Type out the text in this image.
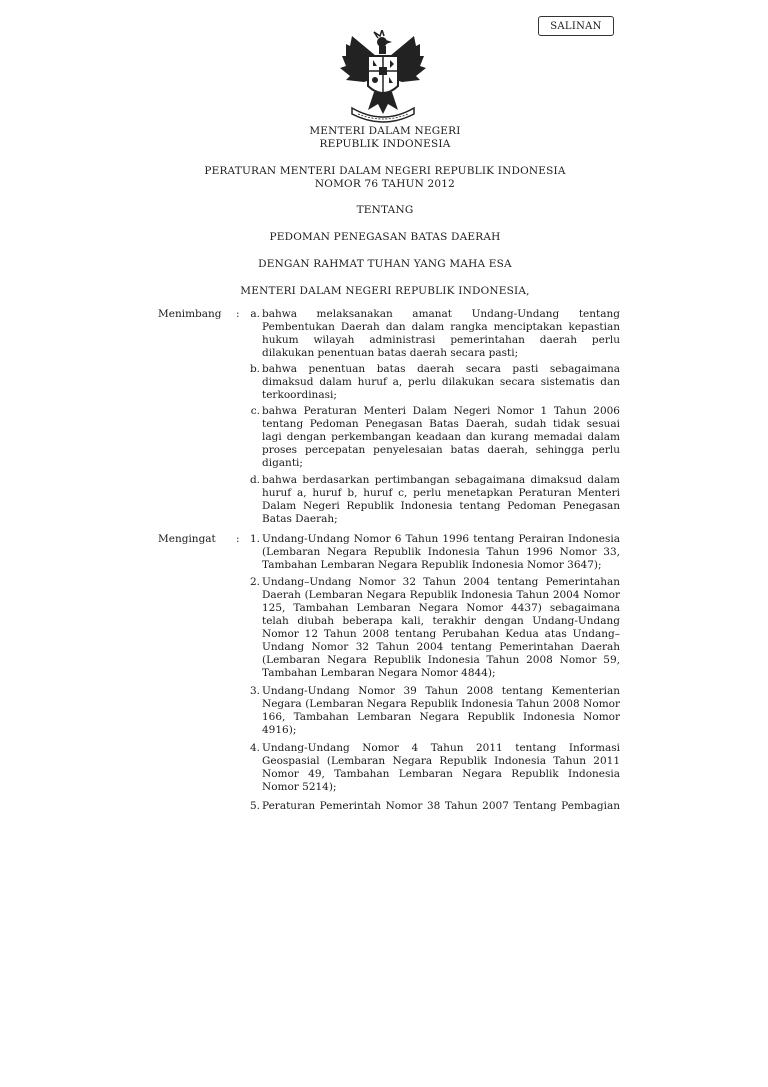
SALINAN
MENTERI DALAM NEGERI
REPUBLIK INDONESIA
PERATURAN MENTERI DALAM NEGERI REPUBLIK INDONESIA
NOMOR 76 TAHUN 2012
TENTANG
PEDOMAN PENEGASAN BATAS DAERAH
DENGAN RAHMAT TUHAN YANG MAHA ESA
MENTERI DALAM NEGERI REPUBLIK INDONESIA,
Menimbang :	a. bahwa melaksanakan amanat Undang-Undang tentang
Pembentukan Daerah dan dalam rangka menciptakan kepastian
hukum wilayah administrasi pemerintahan daerah perlu
dilakukan penentuan batas daerah secara pasti;
b. bahwa penentuan batas daerah secara pasti sebagaimana
dimaksud dalam huruf a, perlu dilakukan secara sistematis dan
terkoordinasi;
c. bahwa Peraturan Menteri Dalam Negeri Nomor 1 Tahun 2006
tentang Pedoman Penegasan Batas Daerah, sudah tidak sesuai
lagi dengan perkembangan keadaan dan kurang memadai dalam
proses percepatan penyelesaian batas daerah, sehingga perlu
diganti;
d. bahwa berdasarkan pertimbangan sebagaimana dimaksud dalam
huruf a, huruf b, huruf c, perlu menetapkan Peraturan Menteri
Dalam Negeri Republik Indonesia tentang Pedoman Penegasan
Batas Daerah;
Mengingat : 1. Undang-Undang Nomor 6 Tahun 1996 tentang Perairan Indonesia
(Lembaran Negara Republik Indonesia Tahun 1996 Nomor 33,
Tambahan Lembaran Negara Republik Indonesia Nomor 3647);
2. Undang–Undang Nomor 32 Tahun 2004 tentang Pemerintahan
Daerah (Lembaran Negara Republik Indonesia Tahun 2004 Nomor
125, Tambahan Lembaran Negara Nomor 4437) sebagaimana
telah diubah beberapa kali, terakhir dengan Undang-Undang
Nomor 12 Tahun 2008 tentang Perubahan Kedua atas Undang–
Undang Nomor 32 Tahun 2004 tentang Pemerintahan Daerah
(Lembaran Negara Republik Indonesia Tahun 2008 Nomor 59,
Tambahan Lembaran Negara Nomor 4844);
3. Undang-Undang Nomor 39 Tahun 2008 tentang Kementerian
Negara (Lembaran Negara Republik Indonesia Tahun 2008 Nomor
166, Tambahan Lembaran Negara Republik Indonesia Nomor
4916);
4. Undang-Undang Nomor 4 Tahun 2011 tentang Informasi
Geospasial (Lembaran Negara Republik Indonesia Tahun 2011
Nomor 49, Tambahan Lembaran Negara Republik Indonesia
Nomor 5214);
5. Peraturan Pemerintah Nomor 38 Tahun 2007 Tentang Pembagian
